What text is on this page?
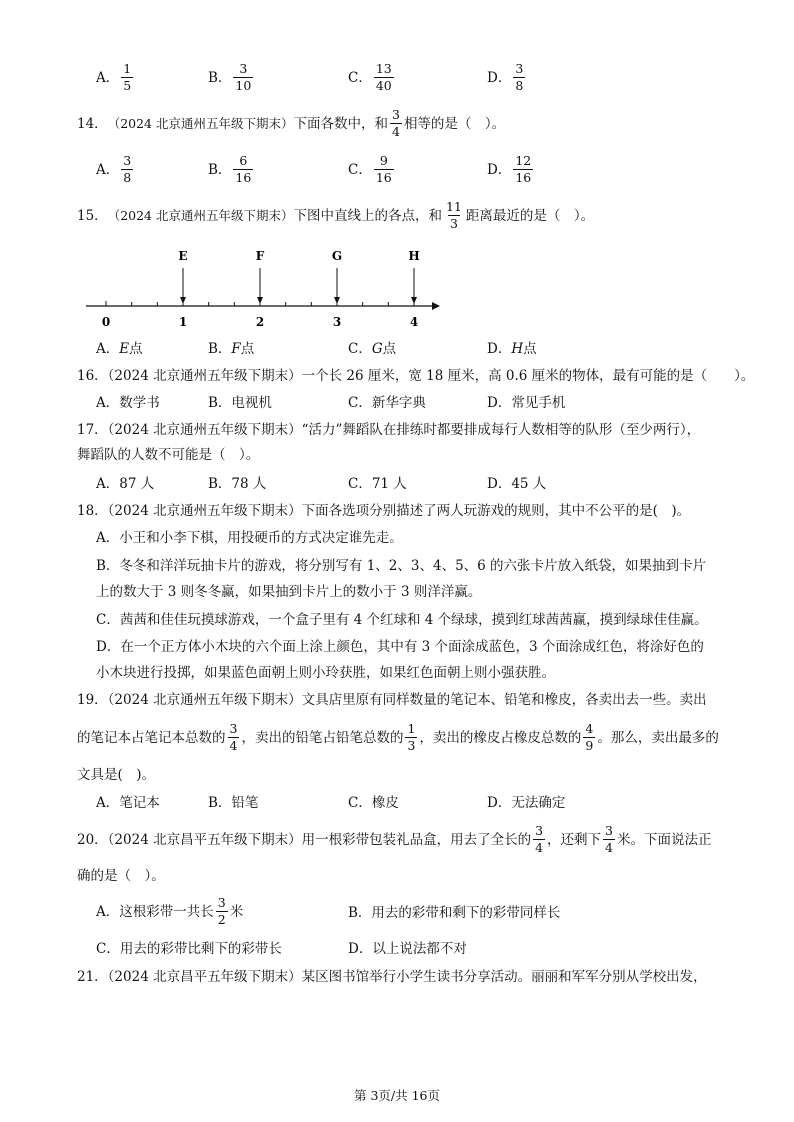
A． $\frac{1}{5}$	B． $\frac{3}{10}$	C． $\frac{13}{40}$	D． $\frac{3}{8}$
14． （2024 北京通州五年级下期末） 下面各数中，和 $\frac{3}{4}$ 相等的是（　）。
A． $\frac{3}{8}$	B． $\frac{6}{16}$	C． $\frac{9}{16}$	D． $\frac{12}{16}$
15． （2024 北京通州五年级下期末） 下图中直线上的各点，和 $\frac{11}{3}$ 距离最近的是（　）。
0	1	2	3	4
E	F	G	H
A． E 点	B． F 点	C． G 点	D． H 点
16．（2024 北京通州五年级下期末）一个长 26 厘米，宽 18 厘米，高 0.6 厘米的物体，最有可能的是（　　）。
A．数学书	B．电视机	C．新华字典	D．常见手机
17．（2024 北京通州五年级下期末）“活力”舞蹈队在排练时都要排成每行人数相等的队形（至少两行），
舞蹈队的人数不可能是（　）。
A．87 人	B．78 人	C．71 人	D．45 人
18．（2024 北京通州五年级下期末）下面各选项分别描述了两人玩游戏的规则，其中不公平的是(　)。
A．小王和小李下棋，用投硬币的方式决定谁先走。
B．冬冬和洋洋玩抽卡片的游戏，将分别写有 1、2、3、4、5、6 的六张卡片放入纸袋，如果抽到卡片
上的数大于 3 则冬冬赢，如果抽到卡片上的数小于 3 则洋洋赢。
C．茜茜和佳佳玩摸球游戏，一个盒子里有 4 个红球和 4 个绿球，摸到红球茜茜赢，摸到绿球佳佳赢。
D．在一个正方体小木块的六个面上涂上颜色，其中有 3 个面涂成蓝色，3 个面涂成红色，将涂好色的
小木块进行投掷，如果蓝色面朝上则小玲获胜，如果红色面朝上则小强获胜。
19．（2024 北京通州五年级下期末）文具店里原有同样数量的笔记本、铅笔和橡皮，各卖出去一些。卖出
的笔记本占笔记本总数的 $\frac{3}{4}$ ，卖出的铅笔占铅笔总数的 $\frac{1}{3}$ ，卖出的橡皮占橡皮总数的 $\frac{4}{9}$ 。那么，卖出最多的
文具是(　)。
A．笔记本	B．铅笔	C．橡皮	D．无法确定
20．（2024 北京昌平五年级下期末）用一根彩带包装礼品盒，用去了全长的 $\frac{3}{4}$ ，还剩下 $\frac{3}{4}$ 米。下面说法正
确的是（　）。
A．这根彩带一共长 $\frac{3}{2}$ 米	B．用去的彩带和剩下的彩带同样长
C．用去的彩带比剩下的彩带长	D．以上说法都不对
21．（2024 北京昌平五年级下期末）某区图书馆举行小学生读书分享活动。丽丽和军军分别从学校出发，
第 3页/共 16页
